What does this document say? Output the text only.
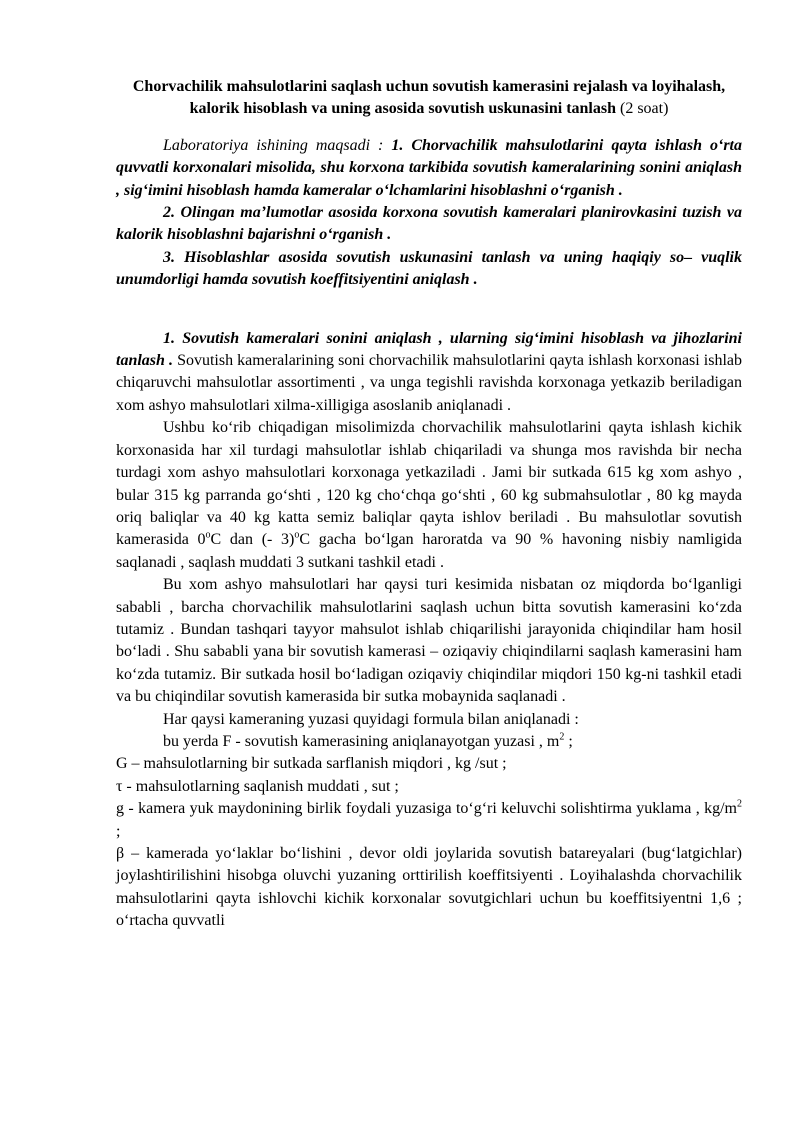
Chorvachilik mahsulotlarini saqlash uchun sovutish kamerasini rejalash va loyihalash, kalorik hisoblash va uning asosida sovutish uskunasini tanlash (2 soat)

Laboratoriya ishining maqsadi : 1. Chorvachilik mahsulotlarini qayta ishlash o‘rta quvvatli korxonalari misolida, shu korxona tarkibida sovutish kameralarining sonini aniqlash , sig‘imini hisoblash hamda kameralar o‘lchamlarini hisoblashni o‘rganish .

2. Olingan ma’lumotlar asosida korxona sovutish kameralari planirovkasini tuzish va kalorik hisoblashni bajarishni o‘rganish .

3. Hisoblashlar asosida sovutish uskunasini tanlash va uning haqiqiy so– vuqlik unumdorligi hamda sovutish koeffitsiyentini aniqlash .

1. Sovutish kameralari sonini aniqlash , ularning sig‘imini hisoblash va jihozlarini tanlash . Sovutish kameralarining soni chorvachilik mahsulotlarini qayta ishlash korxonasi ishlab chiqaruvchi mahsulotlar assortimenti , va unga tegishli ravishda korxonaga yetkazib beriladigan xom ashyo mahsulotlari xilma-xilligiga asoslanib aniqlanadi .

Ushbu ko‘rib chiqadigan misolimizda chorvachilik mahsulotlarini qayta ishlash kichik korxonasida har xil turdagi mahsulotlar ishlab chiqariladi va shunga mos ravishda bir necha turdagi xom ashyo mahsulotlari korxonaga yetkaziladi . Jami bir sutkada 615 kg xom ashyo , bular 315 kg parranda go‘shti , 120 kg cho‘chqa go‘shti , 60 kg submahsulotlar , 80 kg mayda oriq baliqlar va 40 kg katta semiz baliqlar qayta ishlov beriladi . Bu mahsulotlar sovutish kamerasida 0$^o$C dan (- 3)$^o$C gacha bo‘lgan haroratda va 90 % havoning nisbiy namligida saqlanadi , saqlash muddati 3 sutkani tashkil etadi .

Bu xom ashyo mahsulotlari har qaysi turi kesimida nisbatan oz miqdorda bo‘lganligi sababli , barcha chorvachilik mahsulotlarini saqlash uchun bitta sovutish kamerasini ko‘zda tutamiz . Bundan tashqari tayyor mahsulot ishlab chiqarilishi jarayonida chiqindilar ham hosil bo‘ladi . Shu sababli yana bir sovutish kamerasi – oziqaviy chiqindilarni saqlash kamerasini ham ko‘zda tutamiz. Bir sutkada hosil bo‘ladigan oziqaviy chiqindilar miqdori 150 kg-ni tashkil etadi va bu chiqindilar sovutish kamerasida bir sutka mobaynida saqlanadi .

Har qaysi kameraning yuzasi quyidagi formula bilan aniqlanadi :

bu yerda F - sovutish kamerasining aniqlanayotgan yuzasi , $m^2$ ;

G – mahsulotlarning bir sutkada sarflanish miqdori , kg /sut ;

τ - mahsulotlarning saqlanish muddati , sut ;

g - kamera yuk maydonining birlik foydali yuzasiga to‘g‘ri keluvchi solishtirma yuklama , $kg/m^2$ ;

β – kamerada yo‘laklar bo‘lishini , devor oldi joylarida sovutish batareyalari (bug‘latgichlar) joylashtirilishini hisobga oluvchi yuzaning orttirilish koeffitsiyenti . Loyihalashda chorvachilik mahsulotlarini qayta ishlovchi kichik korxonalar sovutgichlari uchun bu koeffitsiyentni 1,6 ; o‘rtacha quvvatli
